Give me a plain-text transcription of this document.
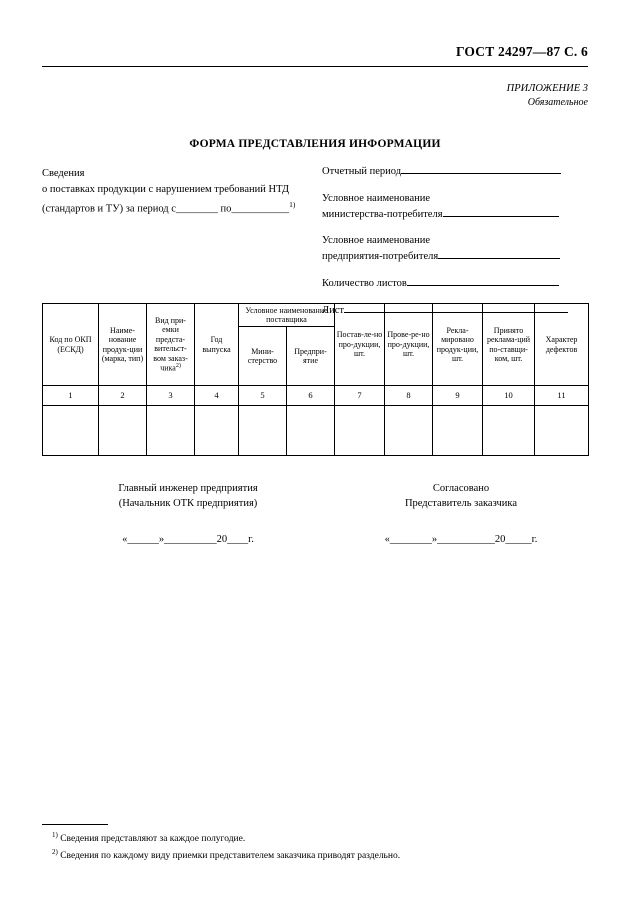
ГОСТ 24297—87 С. 6
ПРИЛОЖЕНИЕ 3
Обязательное
ФОРМА ПРЕДСТАВЛЕНИЯ ИНФОРМАЦИИ
Сведения
о поставках продукции с нарушением требований НТД
(стандартов и ТУ) за период с________ по___________$^{1)}$
Отчетный период
Условное наименование
министерства-потребителя
Условное наименование
предприятия-потребителя
Количество листов
Лист
Код по ОКП (ЕСКД)	Наиме-нование продук-ции (марка, тип)	Вид при-емки предста-вительст-вом заказ-чика$^{2)}$	Год выпуска	Условное наименование поставщика		Постав-ле-но про-дукции, шт.	Прове-ре-но про-дукции, шт.	Рекла-мировано продук-ции, шт.	Принято реклама-ций по-ставщи-ком, шт.	Характер дефектов
				Мини-стерство	Предпри-ятие					
1	2	3	4	5	6	7	8	9	10	11

Главный инженер предприятия
(Начальник ОТК предприятия)
«______»__________20____г.
Согласовано
Представитель заказчика
«________»___________20_____г.
$^{1)}$ Сведения представляют за каждое полугодие.
$^{2)}$ Сведения по каждому виду приемки представителем заказчика приводят раздельно.
